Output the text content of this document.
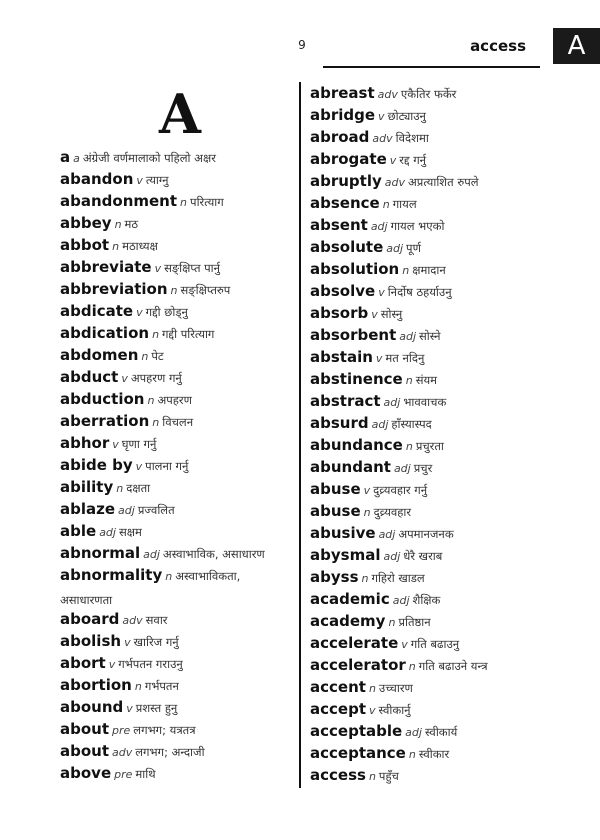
9	access	A
A
a a अंग्रेजी वर्णमालाको पहिलो अक्षर
abandon v त्याग्नु
abandonment n परित्याग
abbey n मठ
abbot n मठाध्यक्ष
abbreviate v सङ्क्षिप्त पार्नु
abbreviation n सङ्क्षिप्तरुप
abdicate v गद्दी छोड्नु
abdication n गद्दी परित्याग
abdomen n पेट
abduct v अपहरण गर्नु
abduction n अपहरण
aberration n विचलन
abhor v घृणा गर्नु
abide by v पालना गर्नु
ability n दक्षता
ablaze adj प्रज्वलित
able adj सक्षम
abnormal adj अस्वाभाविक, असाधारण
abnormality n अस्वाभाविकता, असाधारणता
aboard adv सवार
abolish v खारिज गर्नु
abort v गर्भपतन गराउनु
abortion n गर्भपतन
abound v प्रशस्त हुनु
about pre लगभग; यत्रतत्र
about adv लगभग; अन्दाजी
above pre माथि
abreast adv एकैतिर फर्केर
abridge v छोट्याउनु
abroad adv विदेशमा
abrogate v रद्द गर्नु
abruptly adv अप्रत्याशित रुपले
absence n गायल
absent adj गायल भएको
absolute adj पूर्ण
absolution n क्षमादान
absolve v निर्दोष ठहर्याउनु
absorb v सोस्नु
absorbent adj सोस्ने
abstain v मत नदिनु
abstinence n संयम
abstract adj भाववाचक
absurd adj हाँस्यास्पद
abundance n प्रचुरता
abundant adj प्रचुर
abuse v दुव्र्यवहार गर्नु
abuse n दुव्र्यवहार
abusive adj अपमानजनक
abysmal adj धेरै खराब
abyss n गहिरो खाडल
academic adj शैक्षिक
academy n प्रतिष्ठान
accelerate v गति बढाउनु
accelerator n गति बढाउने यन्त्र
accent n उच्चारण
accept v स्वीकार्नु
acceptable adj स्वीकार्य
acceptance n स्वीकार
access n पहुँच
